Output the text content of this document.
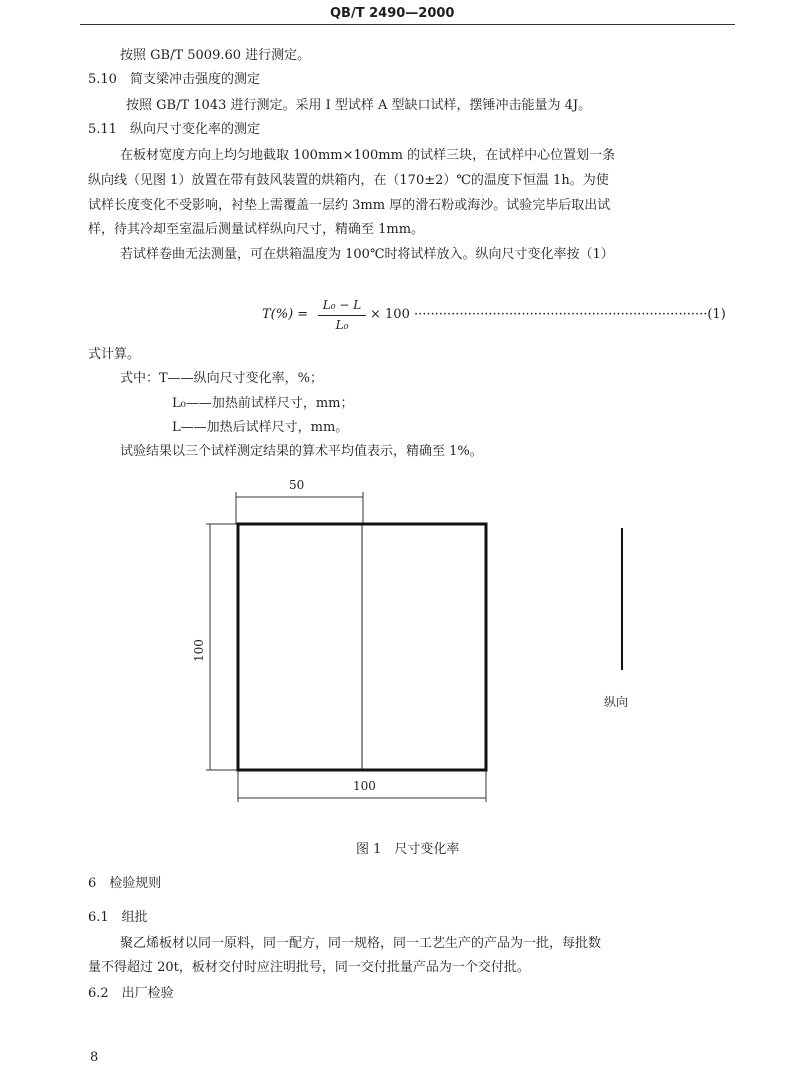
QB/T 2490—2000
按照 GB/T 5009.60 进行测定。
5.10　简支梁冲击强度的测定
按照 GB/T 1043 进行测定。采用 I 型试样 A 型缺口试样，摆锤冲击能量为 4J。
5.11　纵向尺寸变化率的测定
在板材宽度方向上均匀地截取 100mm×100mm 的试样三块，在试样中心位置划一条
纵向线（见图 1）放置在带有鼓风装置的烘箱内，在（170±2）℃的温度下恒温 1h。为使
试样长度变化不受影响，衬垫上需覆盖一层约 3mm 厚的滑石粉或海沙。试验完毕后取出试
样，待其冷却至室温后测量试样纵向尺寸，精确至 1mm。
若试样卷曲无法测量，可在烘箱温度为 100℃时将试样放入。纵向尺寸变化率按（1）
T(%) =
L₀ − L
L₀
× 100 ·······································································(1)
式计算。
式中：T——纵向尺寸变化率，%；
L₀——加热前试样尺寸，mm；
L——加热后试样尺寸，mm。
试验结果以三个试样测定结果的算术平均值表示，精确至 1%。
50
100
100
纵向
图 1　尺寸变化率
6　检验规则
6.1　组批
聚乙烯板材以同一原料，同一配方，同一规格，同一工艺生产的产品为一批，每批数
量不得超过 20t，板材交付时应注明批号，同一交付批量产品为一个交付批。
6.2　出厂检验
8
